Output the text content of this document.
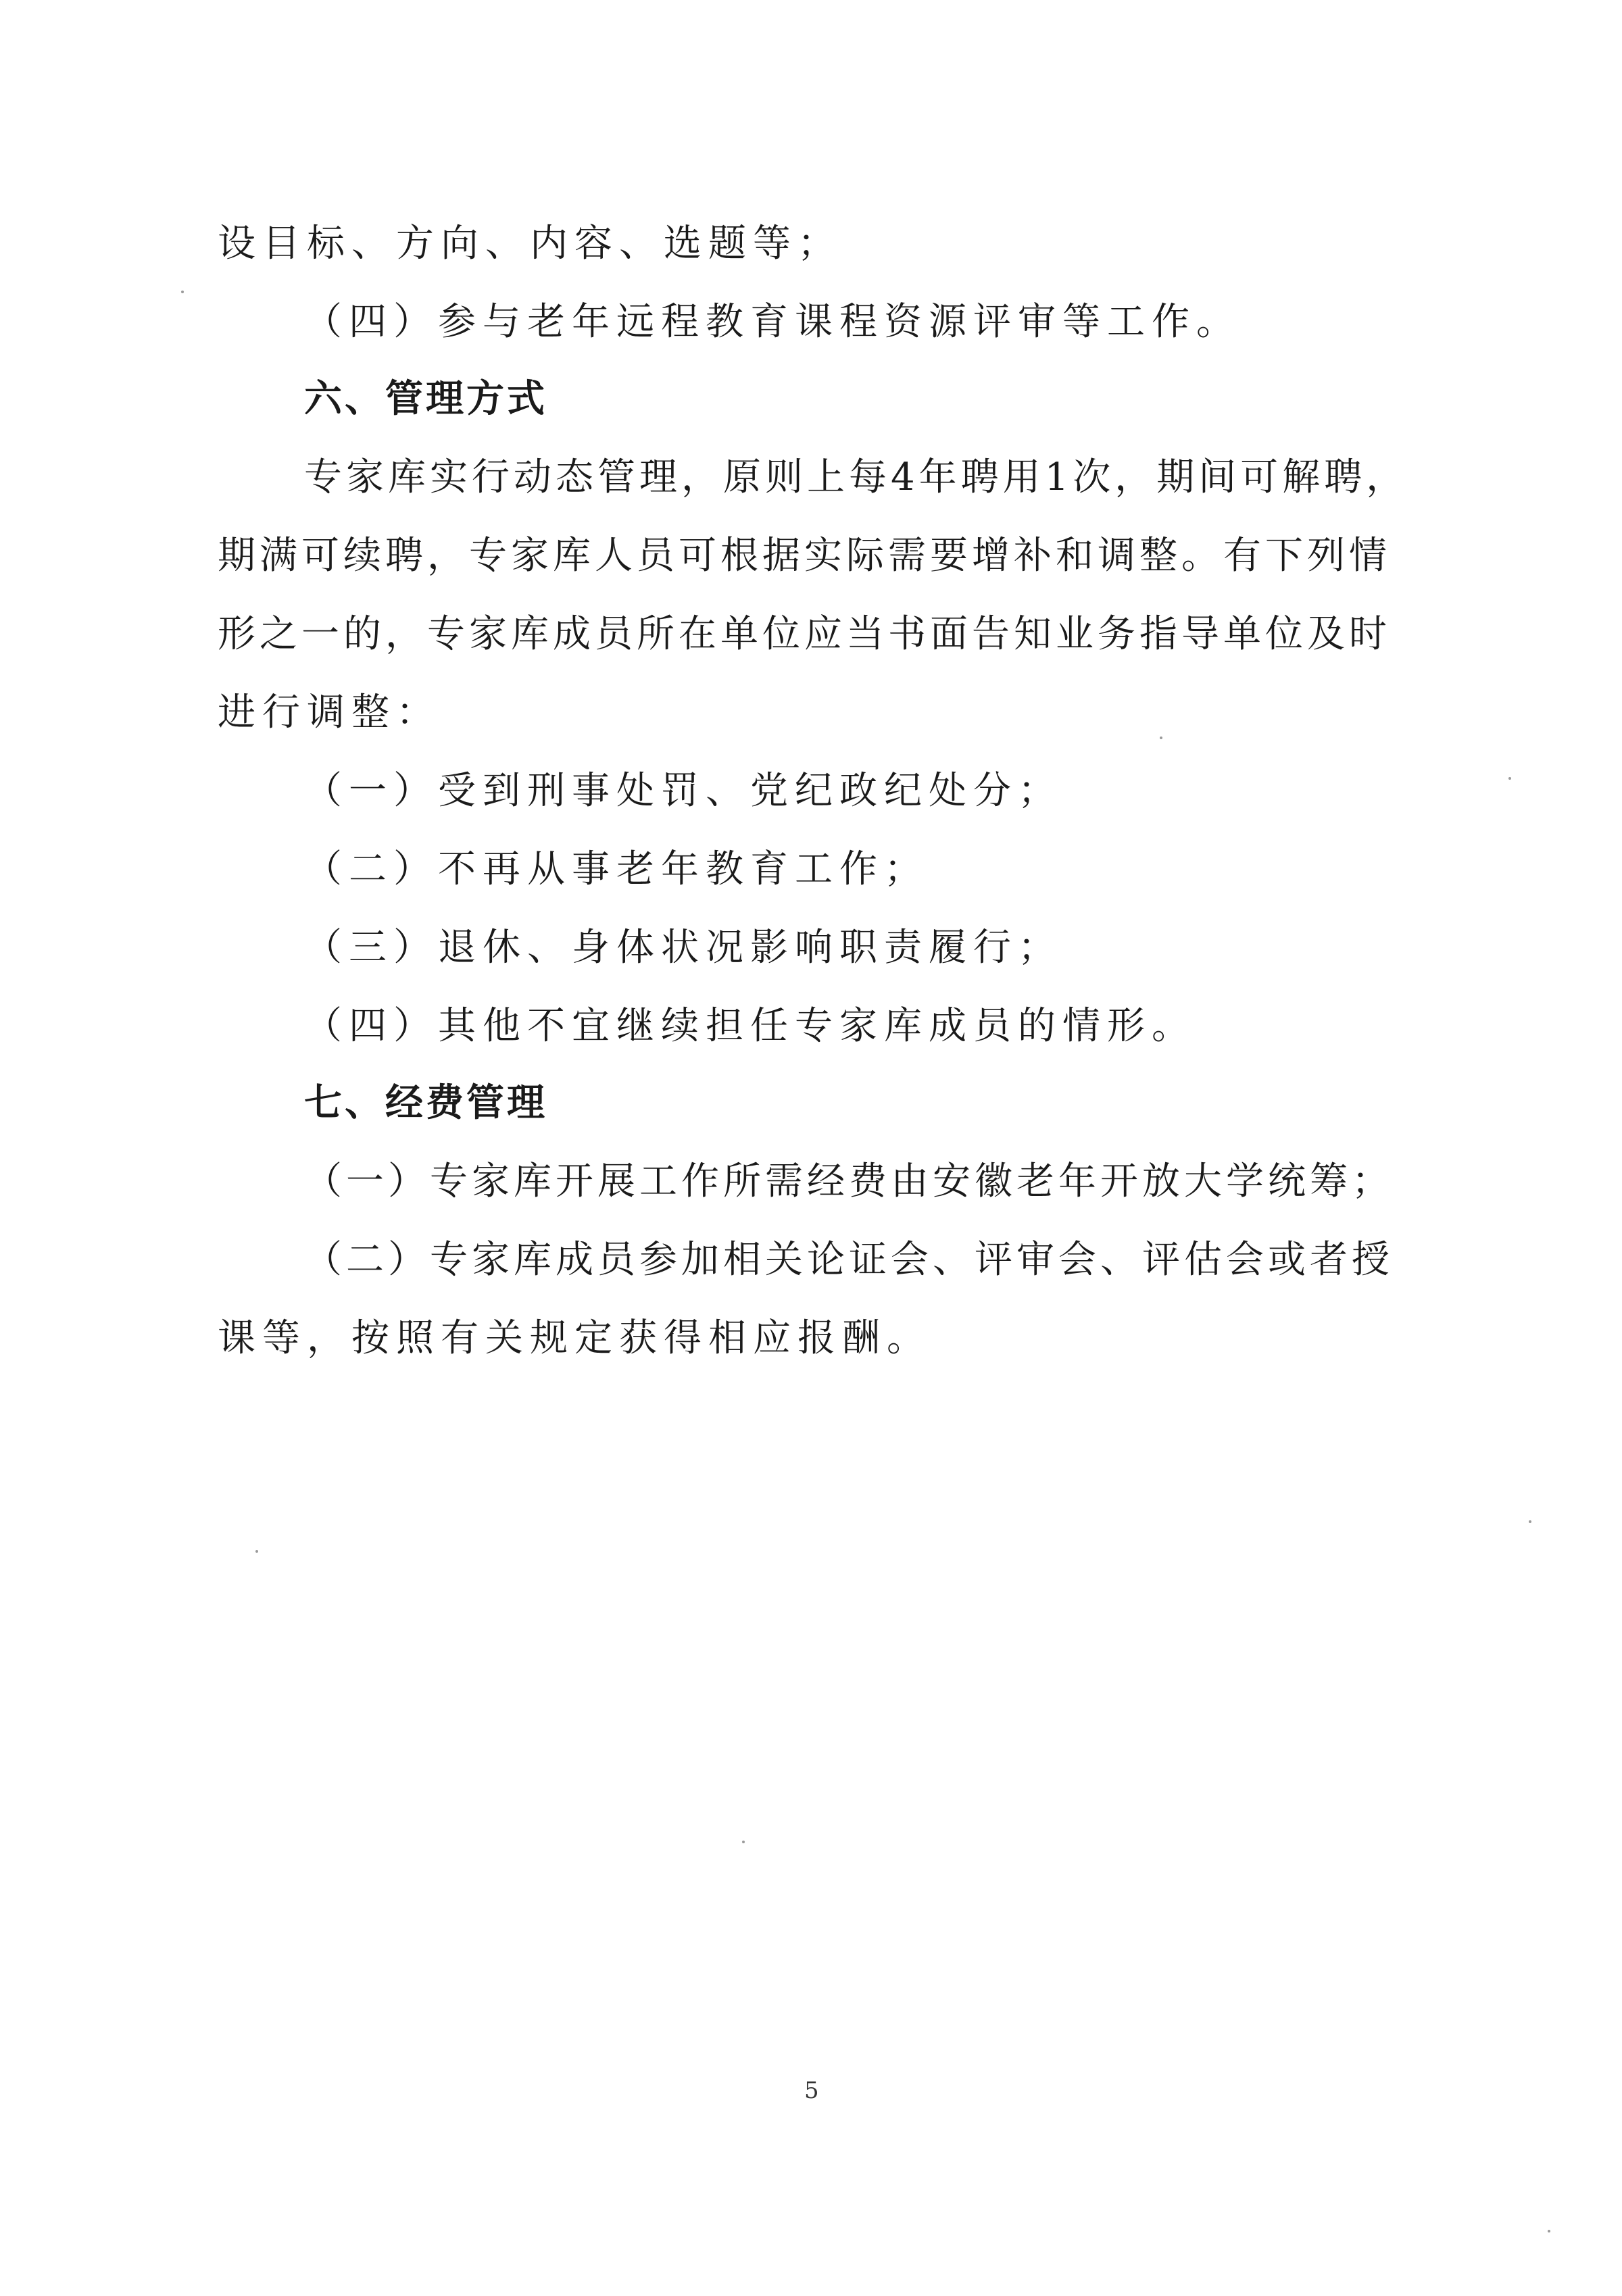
设目标、方向、内容、选题等；
（四）参与老年远程教育课程资源评审等工作。
六、管理方式
专家库实行动态管理，原则上每4年聘用1次，期间可解聘，
期满可续聘，专家库人员可根据实际需要增补和调整。有下列情
形之一的，专家库成员所在单位应当书面告知业务指导单位及时
进行调整：
（一）受到刑事处罚、党纪政纪处分；
（二）不再从事老年教育工作；
（三）退休、身体状况影响职责履行；
（四）其他不宜继续担任专家库成员的情形。
七、经费管理
（一）专家库开展工作所需经费由安徽老年开放大学统筹；
（二）专家库成员参加相关论证会、评审会、评估会或者授
课等，按照有关规定获得相应报酬。
5
